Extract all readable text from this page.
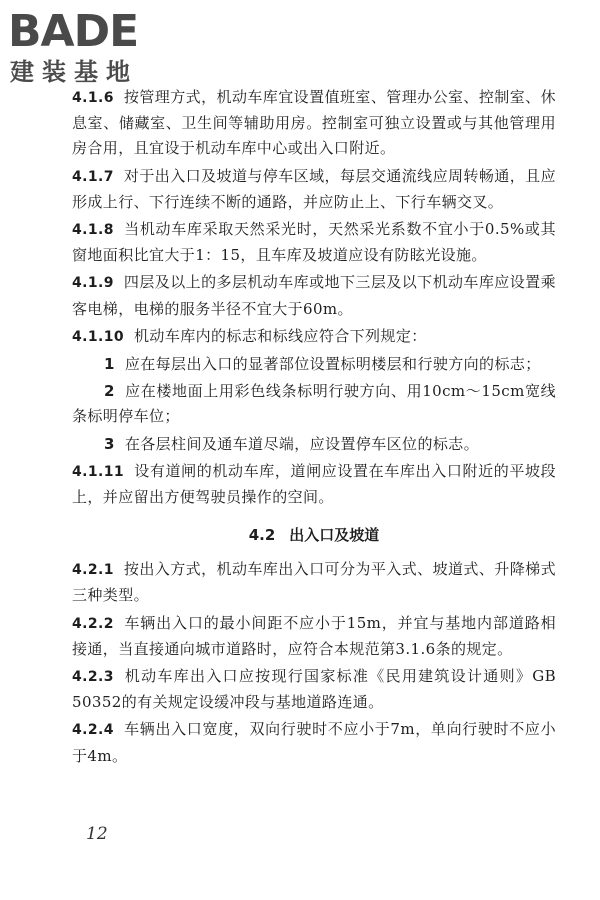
BADE
建装基地

4.1.6 按管理方式，机动车库宜设置值班室、管理办公室、控制室、休息室、储藏室、卫生间等辅助用房。控制室可独立设置或与其他管理用房合用，且宜设于机动车库中心或出入口附近。

4.1.7 对于出入口及坡道与停车区域，每层交通流线应周转畅通，且应形成上行、下行连续不断的通路，并应防止上、下行车辆交叉。

4.1.8 当机动车库采取天然采光时，天然采光系数不宜小于0.5%或其窗地面积比宜大于1：15，且车库及坡道应设有防眩光设施。

4.1.9 四层及以上的多层机动车库或地下三层及以下机动车库应设置乘客电梯，电梯的服务半径不宜大于60m。

4.1.10 机动车库内的标志和标线应符合下列规定：

1 应在每层出入口的显著部位设置标明楼层和行驶方向的标志；

2 应在楼地面上用彩色线条标明行驶方向、用10cm～15cm宽线条标明停车位；

3 在各层柱间及通车道尽端，应设置停车区位的标志。

4.1.11 设有道闸的机动车库，道闸应设置在车库出入口附近的平坡段上，并应留出方便驾驶员操作的空间。

4.2 出入口及坡道

4.2.1 按出入方式，机动车库出入口可分为平入式、坡道式、升降梯式三种类型。

4.2.2 车辆出入口的最小间距不应小于15m，并宜与基地内部道路相接通，当直接通向城市道路时，应符合本规范第3.1.6条的规定。

4.2.3 机动车库出入口应按现行国家标准《民用建筑设计通则》GB 50352的有关规定设缓冲段与基地道路连通。

4.2.4 车辆出入口宽度，双向行驶时不应小于7m，单向行驶时不应小于4m。

12
